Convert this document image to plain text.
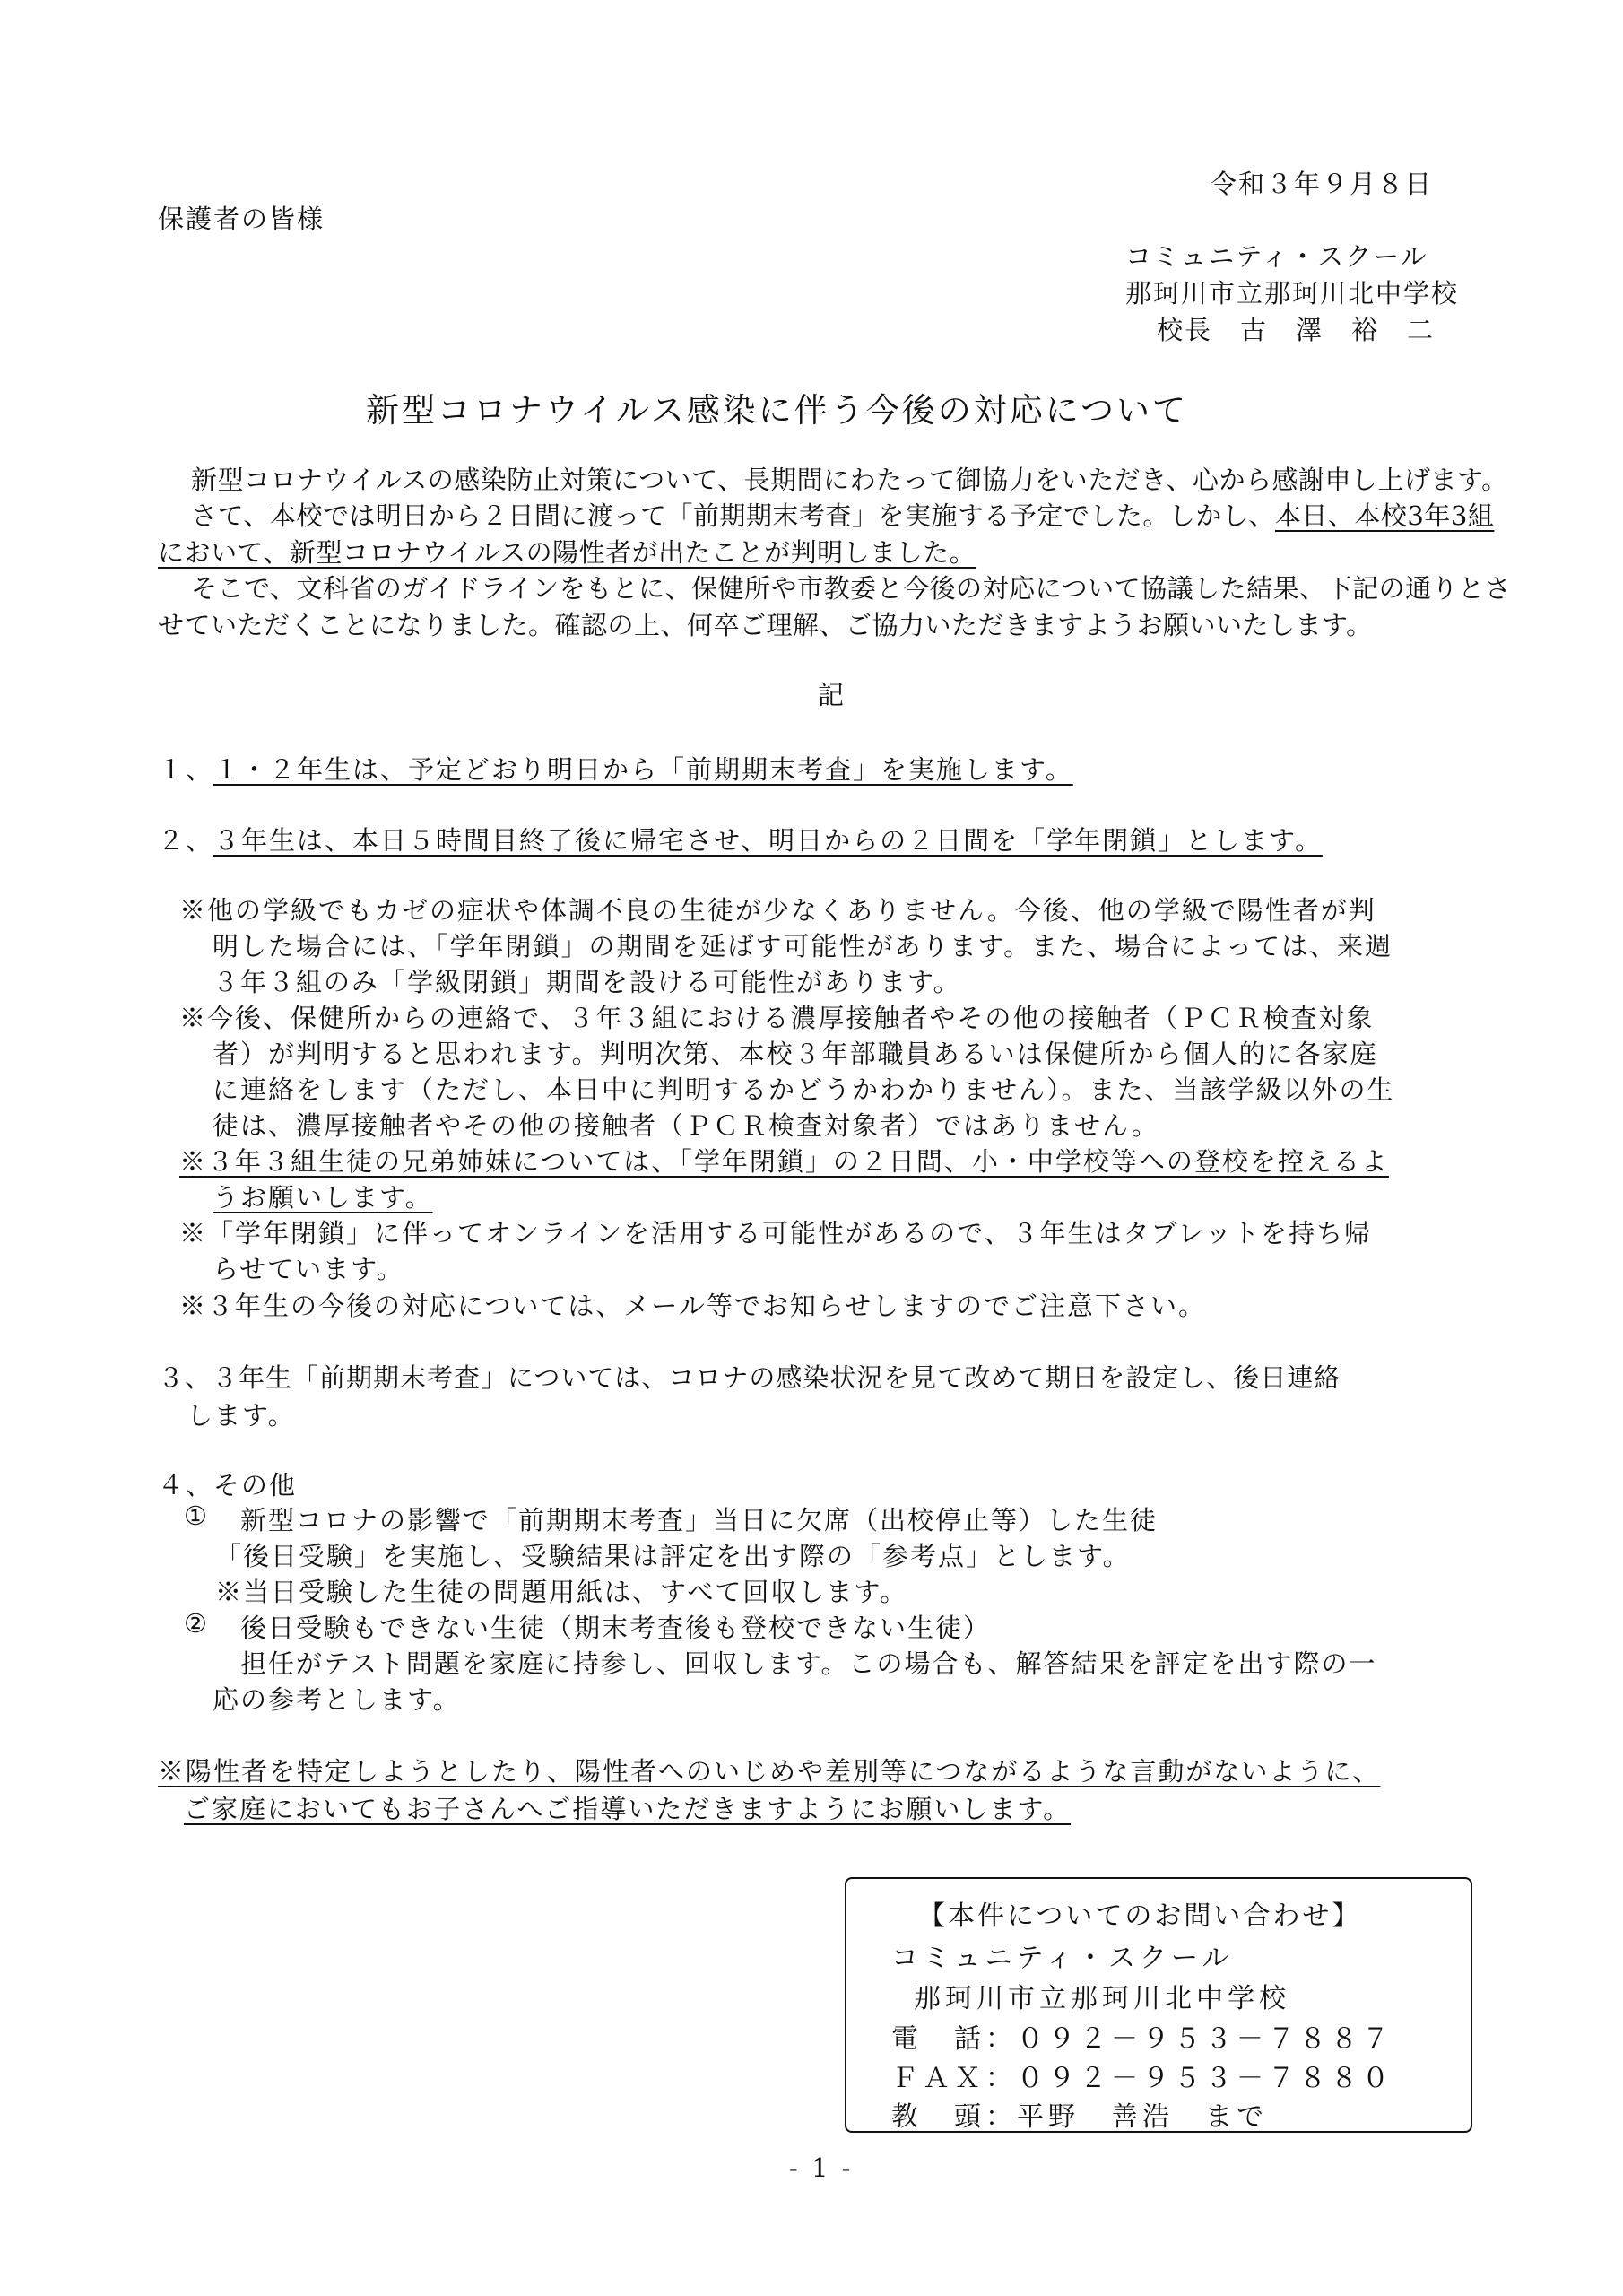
令和３年９月８日
保護者の皆様
コミュニティ・スクール
那珂川市立那珂川北中学校
校長　古　澤　裕　二
新型コロナウイルス感染に伴う今後の対応について
新型コロナウイルスの感染防止対策について、長期間にわたって御協力をいただき、心から感謝申し上げます。
さて、本校では明日から２日間に渡って「前期期末考査」を実施する予定でした。しかし、本日、本校3年3組
において、新型コロナウイルスの陽性者が出たことが判明しました。
そこで、文科省のガイドラインをもとに、保健所や市教委と今後の対応について協議した結果、下記の通りとさ
せていただくことになりました。確認の上、何卒ご理解、ご協力いただきますようお願いいたします。
記
１、１・２年生は、予定どおり明日から「前期期末考査」を実施します。
２、３年生は、本日５時間目終了後に帰宅させ、明日からの２日間を「学年閉鎖」とします。
※他の学級でもカゼの症状や体調不良の生徒が少なくありません。今後、他の学級で陽性者が判
明した場合には、「学年閉鎖」の期間を延ばす可能性があります。また、場合によっては、来週
３年３組のみ「学級閉鎖」期間を設ける可能性があります。
※今後、保健所からの連絡で、３年３組における濃厚接触者やその他の接触者（ＰＣＲ検査対象
者）が判明すると思われます。判明次第、本校３年部職員あるいは保健所から個人的に各家庭
に連絡をします（ただし、本日中に判明するかどうかわかりません）。また、当該学級以外の生
徒は、濃厚接触者やその他の接触者（ＰＣＲ検査対象者）ではありません。
※３年３組生徒の兄弟姉妹については、「学年閉鎖」の２日間、小・中学校等への登校を控えるよ
うお願いします。
※「学年閉鎖」に伴ってオンラインを活用する可能性があるので、３年生はタブレットを持ち帰
らせています。
※３年生の今後の対応については、メール等でお知らせしますのでご注意下さい。
３、３年生「前期期末考査」については、コロナの感染状況を見て改めて期日を設定し、後日連絡
します。
４、その他
① 新型コロナの影響で「前期期末考査」当日に欠席（出校停止等）した生徒
「後日受験」を実施し、受験結果は評定を出す際の「参考点」とします。
※当日受験した生徒の問題用紙は、すべて回収します。
② 後日受験もできない生徒（期末考査後も登校できない生徒）
担任がテスト問題を家庭に持参し、回収します。この場合も、解答結果を評定を出す際の一
応の参考とします。
※陽性者を特定しようとしたり、陽性者へのいじめや差別等につながるような言動がないように、
ご家庭においてもお子さんへご指導いただきますようにお願いします。
【本件についてのお問い合わせ】
コミュニティ・スクール
那珂川市立那珂川北中学校
電　話：０９２－９５３－７８８７
ＦＡＸ：０９２－９５３－７８８０
教　頭：平野　善浩　まで
- 1 -
